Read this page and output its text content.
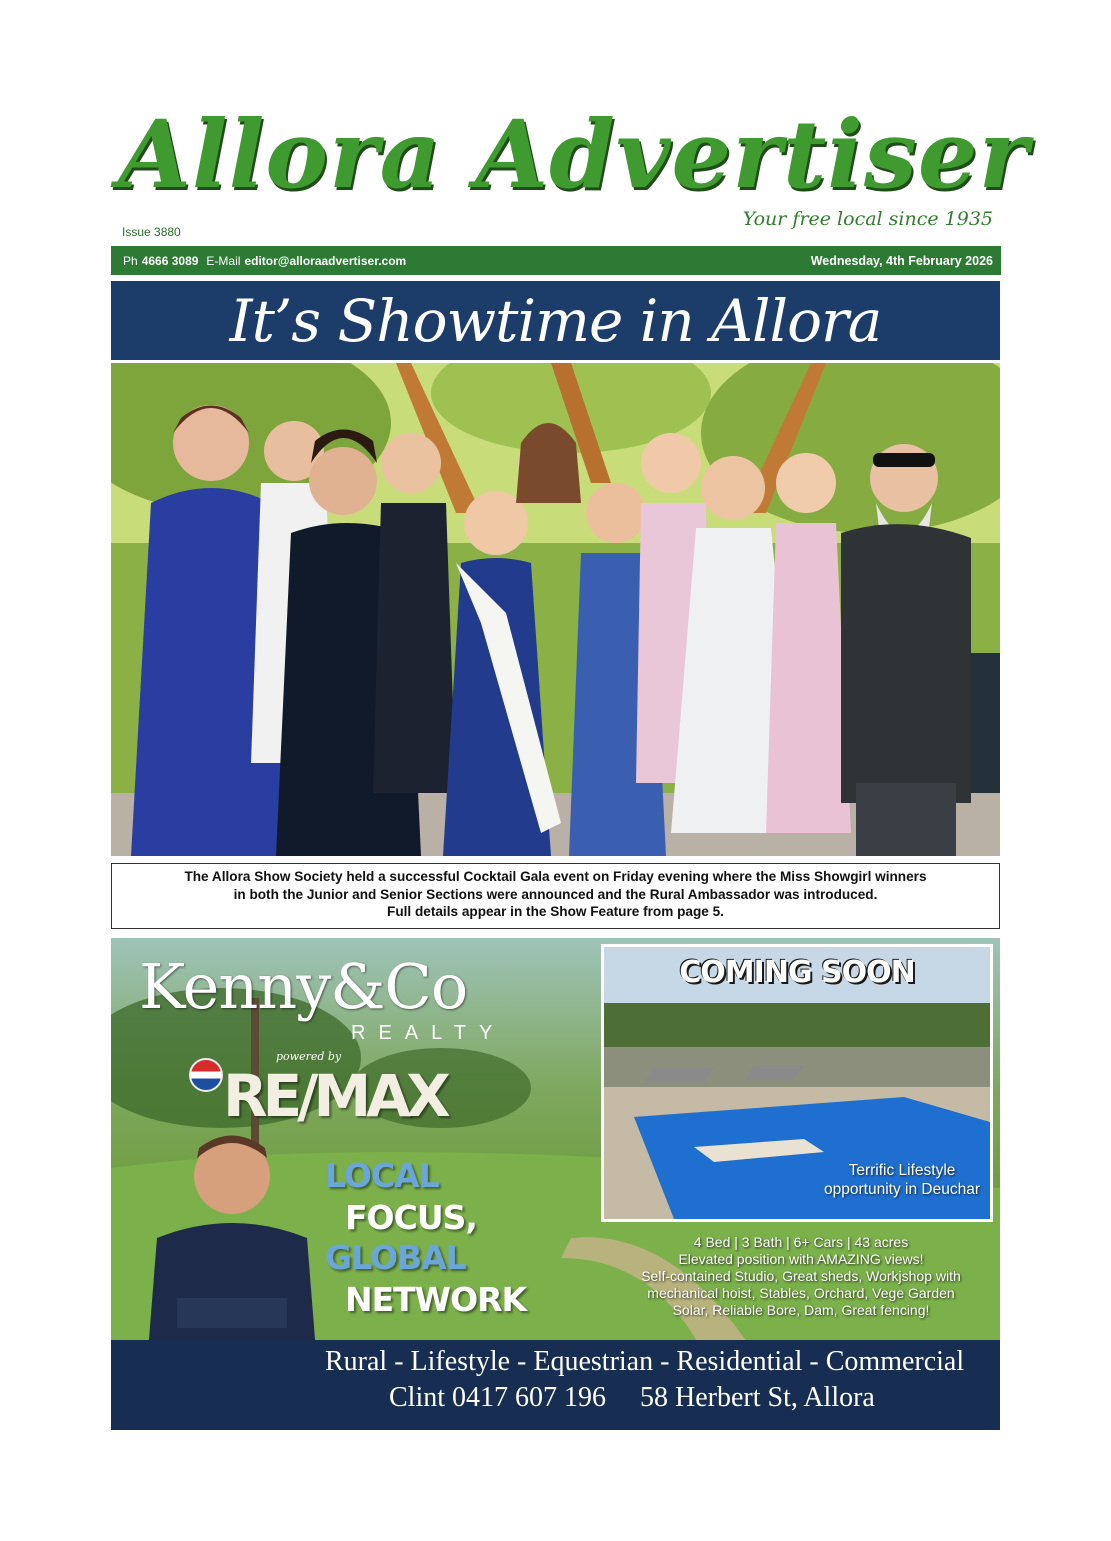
Allora Advertiser
Your free local since 1935
Issue 3880
Ph 4666 3089 E-Mail editor@alloraadvertiser.com	Wednesday, 4th February 2026
It’s Showtime in Allora
The Allora Show Society held a successful Cocktail Gala event on Friday evening where the Miss Showgirl winners
in both the Junior and Senior Sections were announced and the Rural Ambassador was introduced.
Full details appear in the Show Feature from page 5.
Kenny&Co
REALTY
powered by
RE/MAX
LOCAL
FOCUS,
GLOBAL
NETWORK
COMING SOON
Terrific Lifestyle
opportunity in Deuchar
4 Bed | 3 Bath | 6+ Cars | 43 acres
Elevated position with AMAZING views!
Self-contained Studio, Great sheds, Workjshop with
mechanical hoist, Stables, Orchard, Vege Garden
Solar, Reliable Bore, Dam, Great fencing!
Rural - Lifestyle - Equestrian - Residential - Commercial
Clint 0417 607 196 58 Herbert St, Allora
